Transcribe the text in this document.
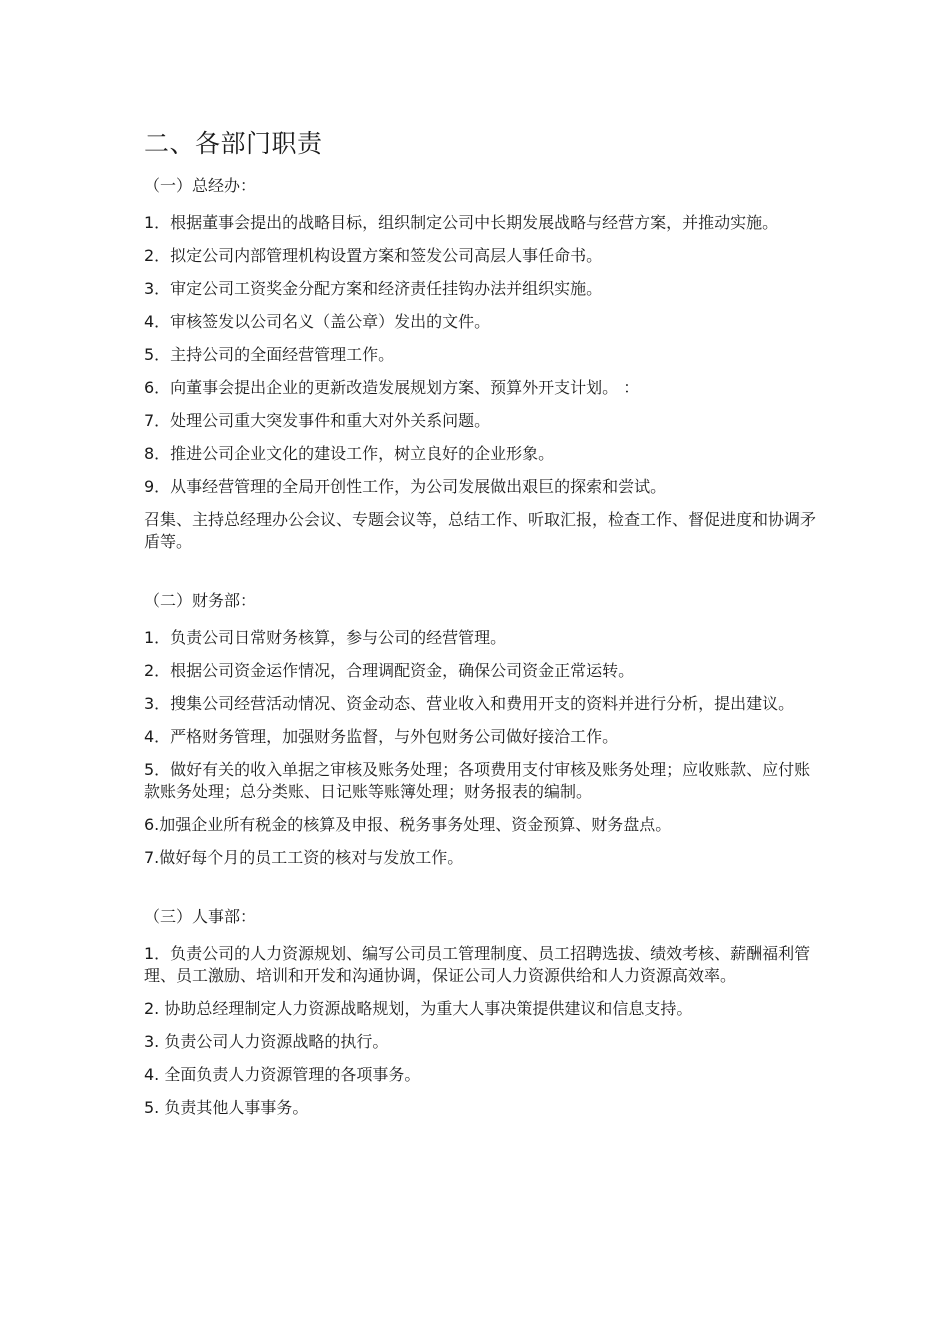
二、各部门职责

（一）总经办：

1．根据董事会提出的战略目标，组织制定公司中长期发展战略与经营方案，并推动实施。

2．拟定公司内部管理机构设置方案和签发公司高层人事任命书。

3．审定公司工资奖金分配方案和经济责任挂钩办法并组织实施。

4．审核签发以公司名义（盖公章）发出的文件。

5．主持公司的全面经营管理工作。

6．向董事会提出企业的更新改造发展规划方案、预算外开支计划。 ：

7．处理公司重大突发事件和重大对外关系问题。

8．推进公司企业文化的建设工作，树立良好的企业形象。

9．从事经营管理的全局开创性工作，为公司发展做出艰巨的探索和尝试。

召集、主持总经理办公会议、专题会议等，总结工作、听取汇报，检查工作、督促进度和协调矛盾等。

（二）财务部：

1．负责公司日常财务核算，参与公司的经营管理。

2．根据公司资金运作情况，合理调配资金，确保公司资金正常运转。

3．搜集公司经营活动情况、资金动态、营业收入和费用开支的资料并进行分析，提出建议。

4．严格财务管理，加强财务监督，与外包财务公司做好接洽工作。

5．做好有关的收入单据之审核及账务处理；各项费用支付审核及账务处理；应收账款、应付账款账务处理；总分类账、日记账等账簿处理；财务报表的编制。

6.加强企业所有税金的核算及申报、税务事务处理、资金预算、财务盘点。

7.做好每个月的员工工资的核对与发放工作。

（三）人事部：

1．负责公司的人力资源规划、编写公司员工管理制度、员工招聘选拔、绩效考核、薪酬福利管理、员工激励、培训和开发和沟通协调，保证公司人力资源供给和人力资源高效率。

2. 协助总经理制定人力资源战略规划，为重大人事决策提供建议和信息支持。

3. 负责公司人力资源战略的执行。

4. 全面负责人力资源管理的各项事务。

5. 负责其他人事事务。
